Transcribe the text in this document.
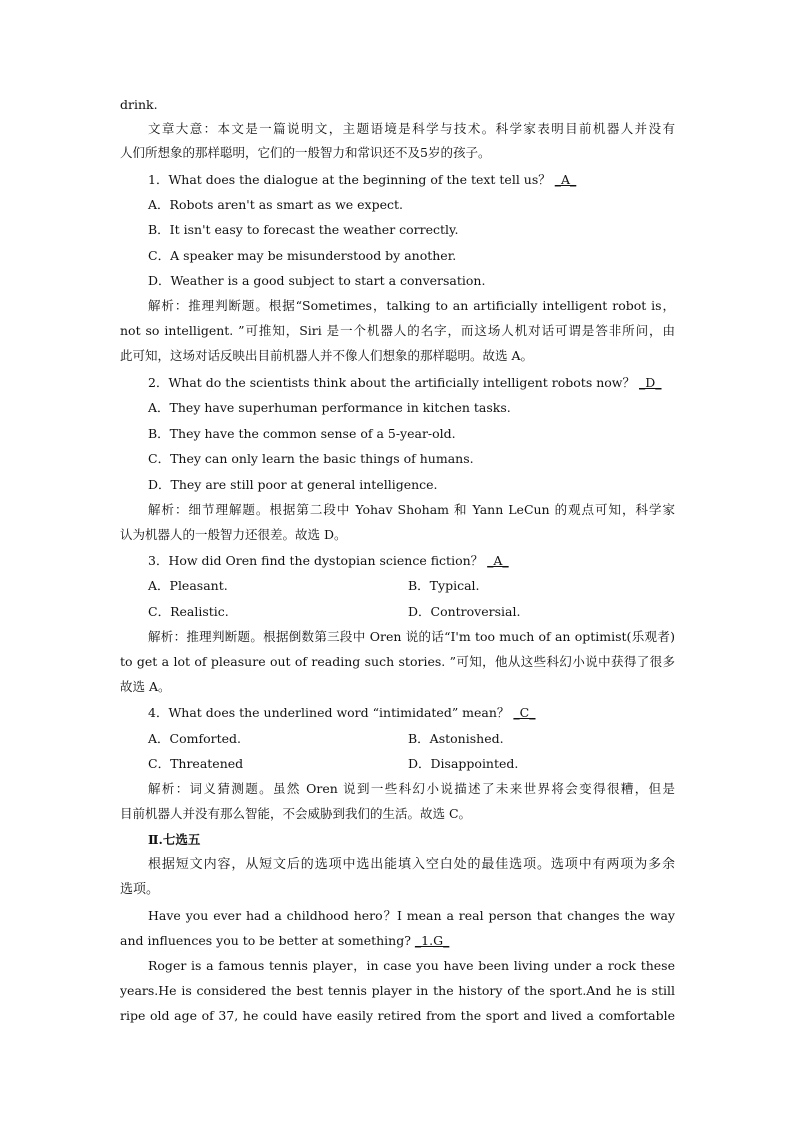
drink.
文章大意：本文是一篇说明文，主题语境是科学与技术。科学家表明目前机器人并没有
人们所想象的那样聪明，它们的一般智力和常识还不及5岁的孩子。
1．What does the dialogue at the beginning of the text tell us？ _A_
A．Robots aren't as smart as we expect.
B．It isn't easy to forecast the weather correctly.
C．A speaker may be misunderstood by another.
D．Weather is a good subject to start a conversation.
解析：推理判断题。根据“Sometimes，talking to an artificially intelligent robot is，
not so intelligent. ”可推知，Siri 是一个机器人的名字，而这场人机对话可谓是答非所问，由
此可知，这场对话反映出目前机器人并不像人们想象的那样聪明。故选 A。
2．What do the scientists think about the artificially intelligent robots now？ _D_
A．They have superhuman performance in kitchen tasks.
B．They have the common sense of a 5-year-old.
C．They can only learn the basic things of humans.
D．They are still poor at general intelligence.
解析：细节理解题。根据第二段中 Yohav Shoham 和 Yann LeCun 的观点可知，科学家
认为机器人的一般智力还很差。故选 D。
3．How did Oren find the dystopian science fiction？ _A_
A．Pleasant.	B．Typical.
C．Realistic.	D．Controversial.
解析：推理判断题。根据倒数第三段中 Oren 说的话“I'm too much of an optimist(乐观者)
to get a lot of pleasure out of reading such stories. ”可知，他从这些科幻小说中获得了很多
故选 A。
4．What does the underlined word “intimidated” mean？ _C_
A．Comforted.	B．Astonished.
C．Threatened	D．Disappointed.
解析：词义猜测题。虽然 Oren 说到一些科幻小说描述了未来世界将会变得很糟，但是
目前机器人并没有那么智能，不会威胁到我们的生活。故选 C。
Ⅱ.七选五
根据短文内容，从短文后的选项中选出能填入空白处的最佳选项。选项中有两项为多余
选项。
Have you ever had a childhood hero？I mean a real person that changes the way
and influences you to be better at something? _1.G_
Roger is a famous tennis player，in case you have been living under a rock these
years.He is considered the best tennis player in the history of the sport.And he is still
ripe old age of 37, he could have easily retired from the sport and lived a comfortable
